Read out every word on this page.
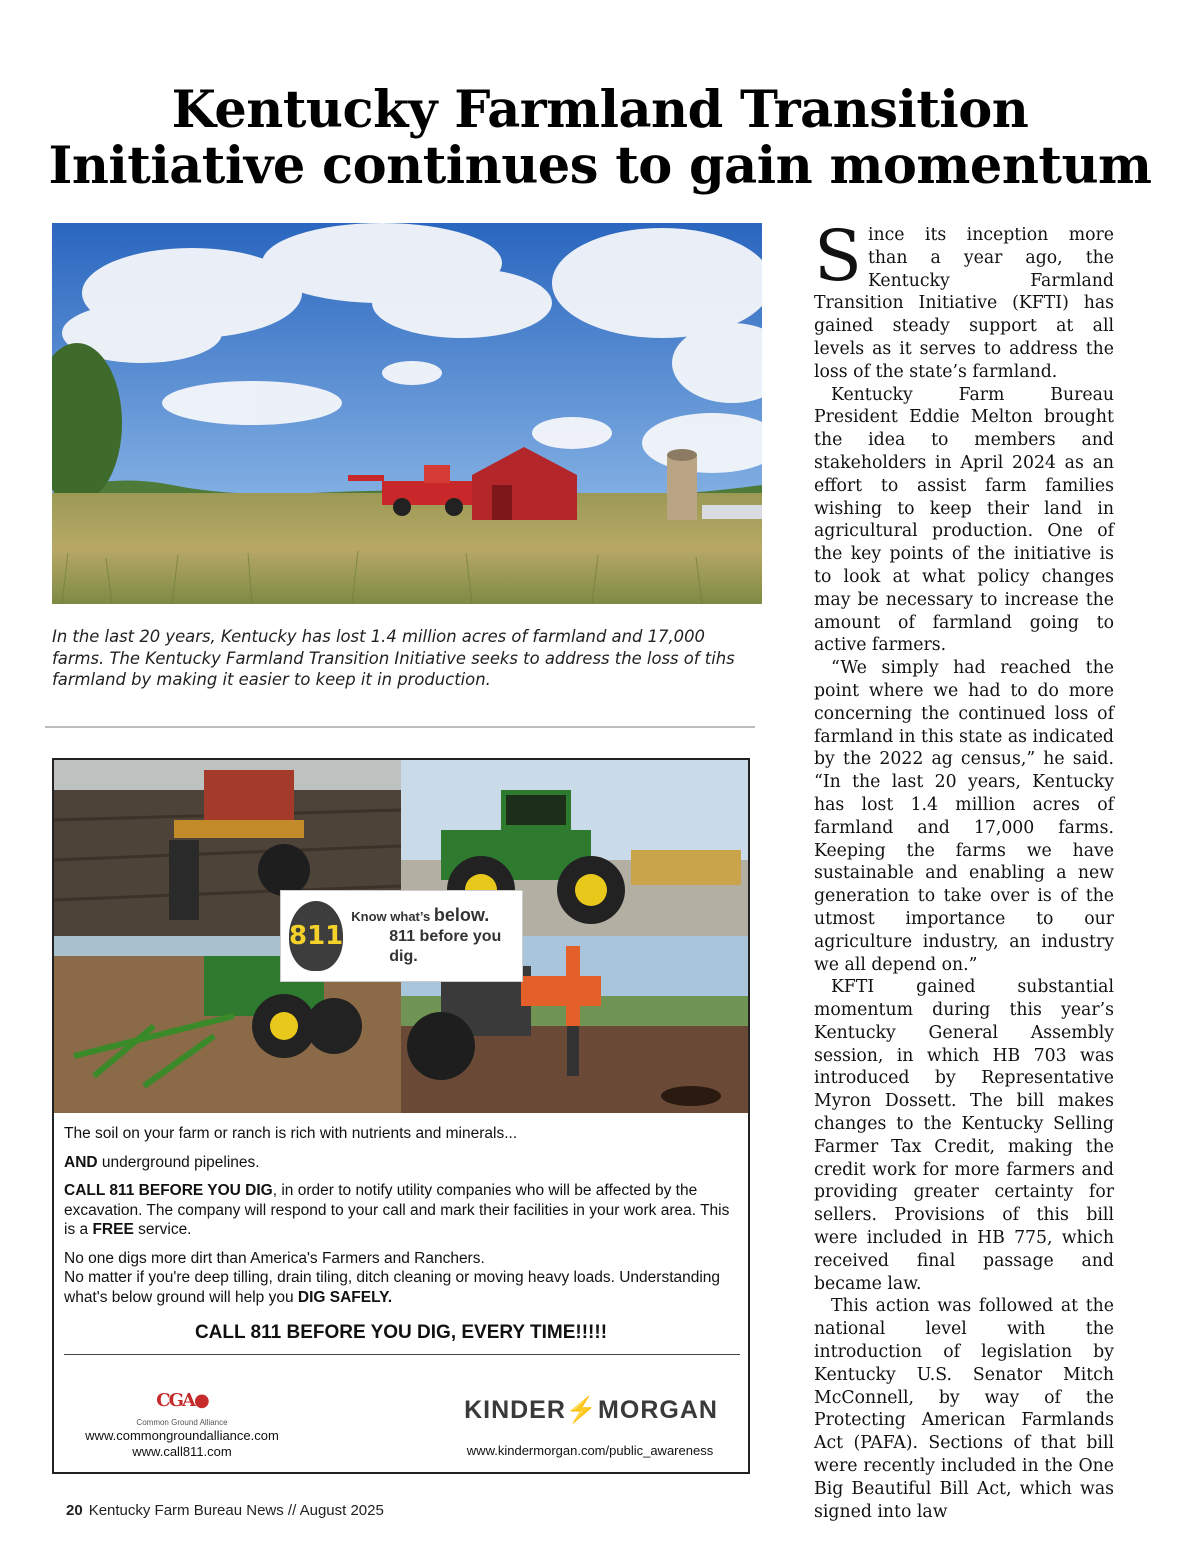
Kentucky Farmland Transition
Initiative continues to gain momentum
In the last 20 years, Kentucky has lost 1.4 million acres of farmland and 17,000 farms. The Kentucky Farmland Transition Initiative seeks to address the loss of tihs farmland by making it easier to keep it in production.
811
Know what’s below.
811 before you dig.

The soil on your farm or ranch is rich with nutrients and minerals...

AND underground pipelines.

CALL 811 BEFORE YOU DIG, in order to notify utility companies who will be affected by the excavation. The company will respond to your call and mark their facilities in your work area. This is a FREE service.

No one digs more dirt than America's Farmers and Ranchers.
No matter if you're deep tilling, drain tiling, ditch cleaning or moving heavy loads. Understanding what's below ground will help you DIG SAFELY.

CALL 811 BEFORE YOU DIG, EVERY TIME!!!!!
CGA●
Common Ground Alliance
www.commongroundalliance.com
www.call811.com
KINDER⚡MORGAN
www.kindermorgan.com/public_awareness

Since its inception more than a year ago, the Kentucky Farmland Transition Initiative (KFTI) has gained steady support at all levels as it serves to address the loss of the state’s farmland.

Kentucky Farm Bureau President Eddie Melton brought the idea to members and stakeholders in April 2024 as an effort to assist farm families wishing to keep their land in agricultural production. One of the key points of the initiative is to look at what policy changes may be necessary to increase the amount of farmland going to active farmers.

“We simply had reached the point where we had to do more concerning the continued loss of farmland in this state as indicated by the 2022 ag census,” he said. “In the last 20 years, Kentucky has lost 1.4 million acres of farmland and 17,000 farms. Keeping the farms we have sustainable and enabling a new generation to take over is of the utmost importance to our agriculture industry, an industry we all depend on.”

KFTI gained substantial momentum during this year’s Kentucky General Assembly session, in which HB 703 was introduced by Representative Myron Dossett. The bill makes changes to the Kentucky Selling Farmer Tax Credit, making the credit work for more farmers and providing greater certainty for sellers. Provisions of this bill were included in HB 775, which received final passage and became law.

This action was followed at the national level with the introduction of legislation by Kentucky U.S. Senator Mitch McConnell, by way of the Protecting American Farmlands Act (PAFA). Sections of that bill were recently included in the One Big Beautiful Bill Act, which was signed into law

20 Kentucky Farm Bureau News // August 2025
